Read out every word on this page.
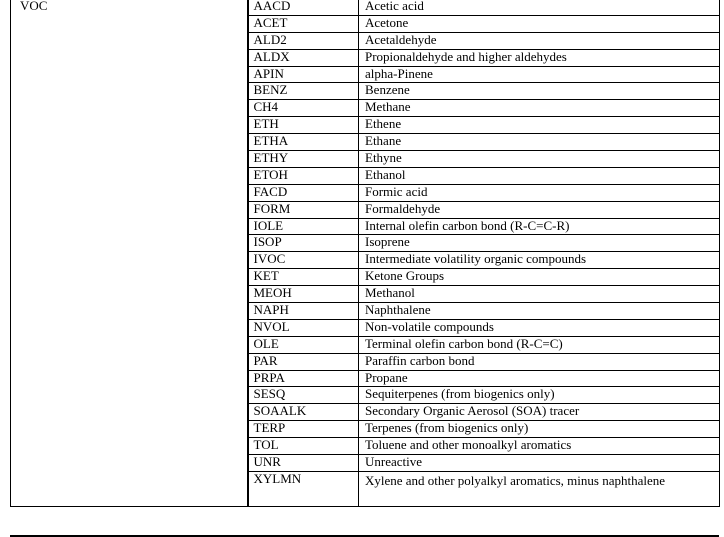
VOC	AACD	Acetic acid
	ACET	Acetone
	ALD2	Acetaldehyde
	ALDX	Propionaldehyde and higher aldehydes
	APIN	alpha-Pinene
	BENZ	Benzene
	CH4	Methane
	ETH	Ethene
	ETHA	Ethane
	ETHY	Ethyne
	ETOH	Ethanol
	FACD	Formic acid
	FORM	Formaldehyde
	IOLE	Internal olefin carbon bond (R-C=C-R)
	ISOP	Isoprene
	IVOC	Intermediate volatility organic compounds
	KET	Ketone Groups
	MEOH	Methanol
	NAPH	Naphthalene
	NVOL	Non-volatile compounds
	OLE	Terminal olefin carbon bond (R-C=C)
	PAR	Paraffin carbon bond
	PRPA	Propane
	SESQ	Sequiterpenes (from biogenics only)
	SOAALK	Secondary Organic Aerosol (SOA) tracer
	TERP	Terpenes (from biogenics only)
	TOL	Toluene and other monoalkyl aromatics
	UNR	Unreactive
	XYLMN	Xylene and other polyalkyl aromatics, minus naphthalene
